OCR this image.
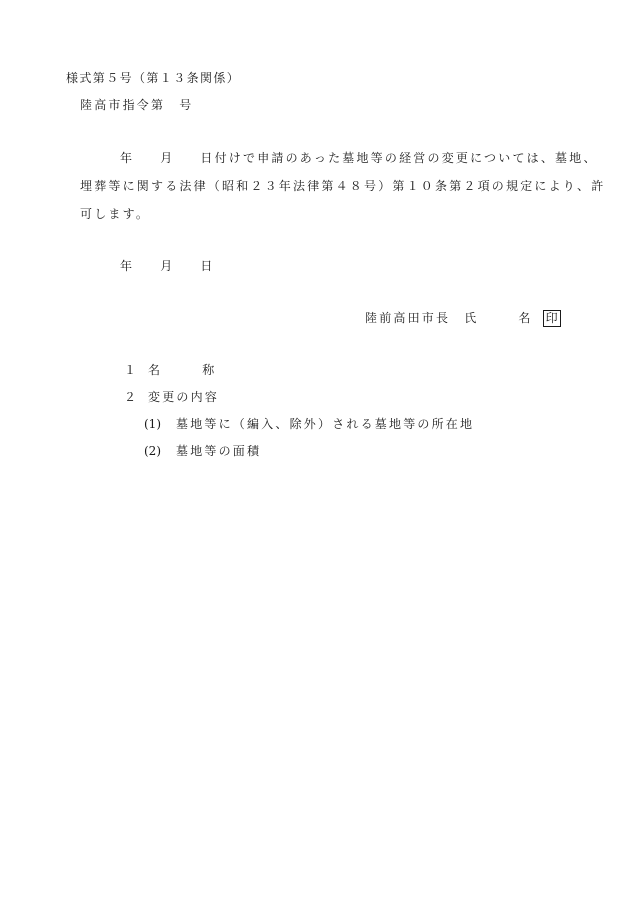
様式第５号（第１３条関係）
陸高市指令第 号
年 月 日付けで申請のあった墓地等の経営の変更については、墓地、
埋葬等に関する法律（昭和２３年法律第４８号）第１０条第２項の規定により、許
可します。
年 月 日
陸前高田市長 氏	名 印
１ 名	称
２ 変更の内容
(1) 墓地等に（編入、除外）される墓地等の所在地
(2) 墓地等の面積
